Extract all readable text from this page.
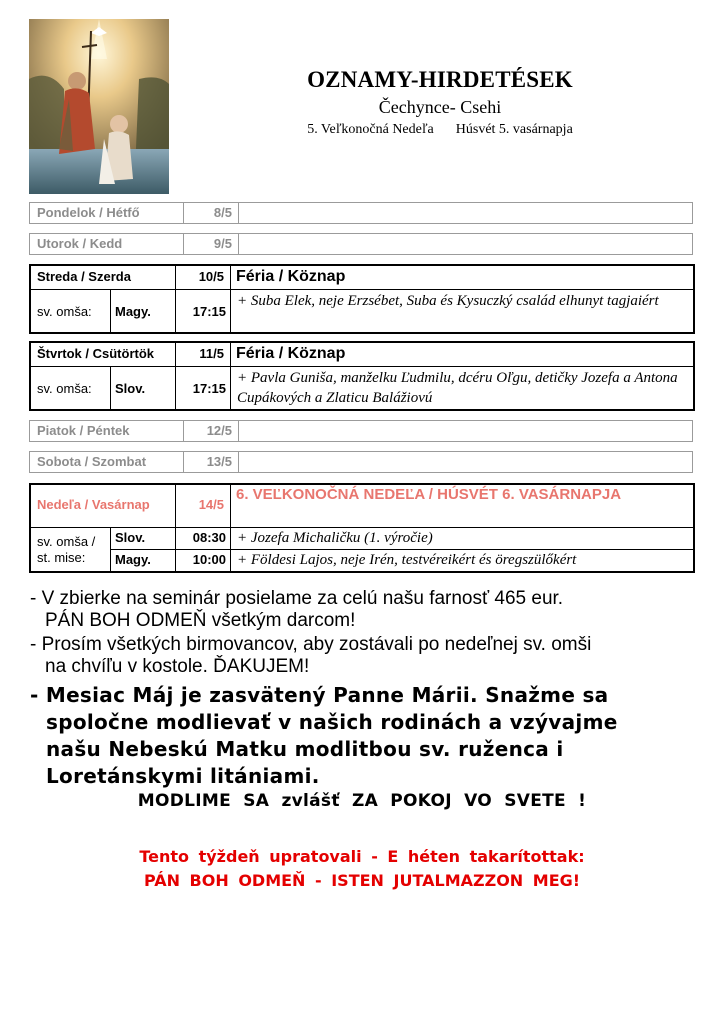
OZNAMY-HIRDETÉSEK
Čechynce- Csehi
5. Veľkonočná Nedeľa Húsvét 5. vasárnapja
Pondelok / Hétfő	8/5
Utorok / Kedd	9/5
Streda / Szerda	10/5 Féria / Köznap
sv. omša:	Magy.	17:15
+ Suba Elek, neje Erzsébet, Suba és Kysuczký család elhunyt tagjaiért
Štvrtok / Csütörtök	11/5 Féria / Köznap
sv. omša:	Slov.	17:15
+ Pavla Guniša, manželku Ľudmilu, dcéru Oľgu, detičky Jozefa a Antona Cupákových a Zlaticu Balážiovú
Piatok / Péntek	12/5
Sobota / Szombat	13/5
Nedeľa / Vasárnap	14/5
6. VEĽKONOČNÁ NEDEĽA / HÚSVÉT 6. VASÁRNAPJA
sv. omša / st. mise:
Slov.	08:30 + Jozefa Michaličku (1. výročie)
Magy.	10:00 + Földesi Lajos, neje Irén, testvéreikért és öregszülőkért
- V zbierke na seminár posielame za celú našu farnosť 465 eur.
PÁN BOH ODMEŇ všetkým darcom!
- Prosím všetkých birmovancov, aby zostávali po nedeľnej sv. omši
na chvíľu v kostole. ĎAKUJEM!
- Mesiac Máj je zasvätený Panne Márii. Snažme sa
spoločne modlievať v našich rodinách a vzývajme
našu Nebeskú Matku modlitbou sv. ruženca i
Loretánskymi litániami.
MODLIME SA zvlášť ZA POKOJ VO SVETE !
Tento týždeň upratovali - E héten takarítottak:
PÁN BOH ODMEŇ - ISTEN JUTALMAZZON MEG!
